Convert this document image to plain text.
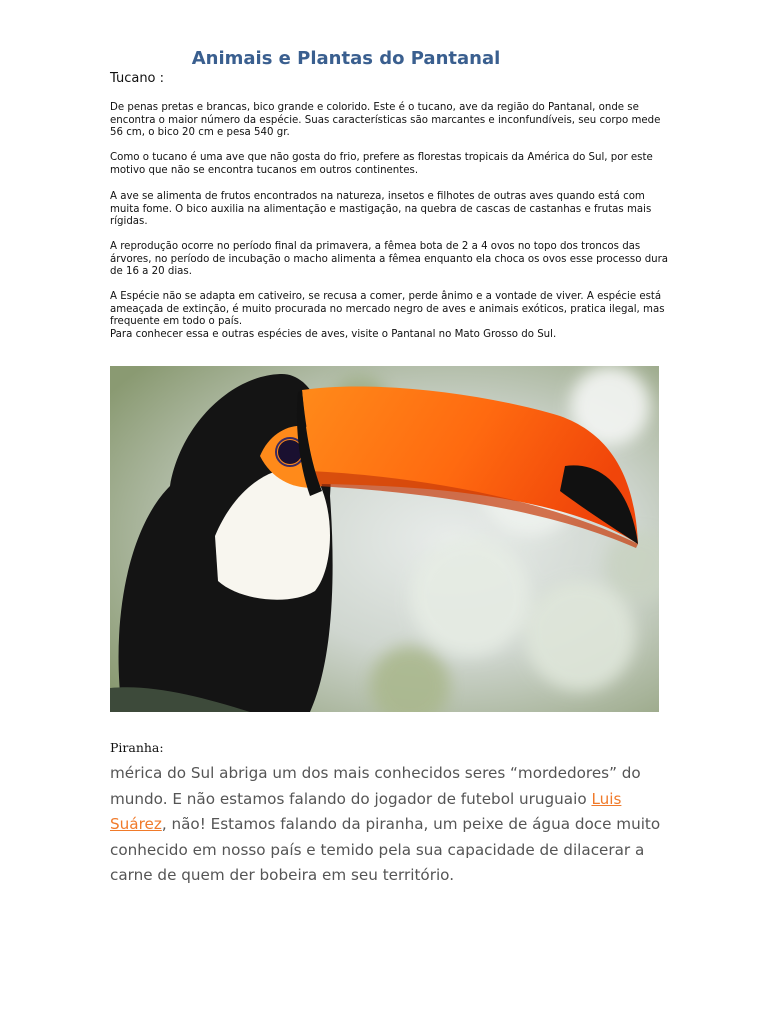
Animais e Plantas do Pantanal

Tucano :

De penas pretas e brancas, bico grande e colorido. Este é o tucano, ave da região do Pantanal, onde se encontra o maior número da espécie. Suas características são marcantes e inconfundíveis, seu corpo mede 56 cm, o bico 20 cm e pesa 540 gr.

Como o tucano é uma ave que não gosta do frio, prefere as florestas tropicais da América do Sul, por este motivo que não se encontra tucanos em outros continentes.

A ave se alimenta de frutos encontrados na natureza, insetos e filhotes de outras aves quando está com muita fome. O bico auxilia na alimentação e mastigação, na quebra de cascas de castanhas e frutas mais rígidas.

A reprodução ocorre no período final da primavera, a fêmea bota de 2 a 4 ovos no topo dos troncos das árvores, no período de incubação o macho alimenta a fêmea enquanto ela choca os ovos esse processo dura de 16 a 20 dias.

A Espécie não se adapta em cativeiro, se recusa a comer, perde ânimo e a vontade de viver. A espécie está ameaçada de extinção, é muito procurada no mercado negro de aves e animais exóticos, pratica ilegal, mas frequente em todo o país.
Para conhecer essa e outras espécies de aves, visite o Pantanal no Mato Grosso do Sul.

Piranha:

mérica do Sul abriga um dos mais conhecidos seres “mordedores” do mundo. E não estamos falando do jogador de futebol uruguaio Luis Suárez, não! Estamos falando da piranha, um peixe de água doce muito conhecido em nosso país e temido pela sua capacidade de dilacerar a carne de quem der bobeira em seu território.
